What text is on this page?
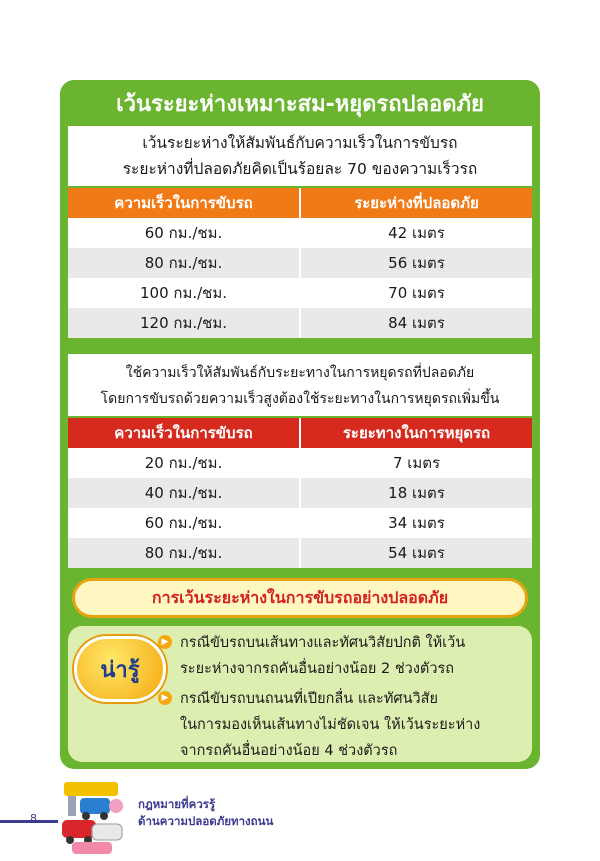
เว้นระยะห่างเหมาะสม-หยุดรถปลอดภัย
เว้นระยะห่างให้สัมพันธ์กับความเร็วในการขับรถ
ระยะห่างที่ปลอดภัยคิดเป็นร้อยละ 70 ของความเร็วรถ
ความเร็วในการขับรถ	ระยะห่างที่ปลอดภัย
60 กม./ชม.	42 เมตร
80 กม./ชม.	56 เมตร
100 กม./ชม.	70 เมตร
120 กม./ชม.	84 เมตร
ใช้ความเร็วให้สัมพันธ์กับระยะทางในการหยุดรถที่ปลอดภัย
โดยการขับรถด้วยความเร็วสูงต้องใช้ระยะทางในการหยุดรถเพิ่มขึ้น
ความเร็วในการขับรถ	ระยะทางในการหยุดรถ
20 กม./ชม.	7 เมตร
40 กม./ชม.	18 เมตร
60 กม./ชม.	34 เมตร
80 กม./ชม.	54 เมตร
การเว้นระยะห่างในการขับรถอย่างปลอดภัย
น่ารู้
▶ กรณีขับรถบนเส้นทางและทัศนวิสัยปกติ ให้เว้น
ระยะห่างจากรถคันอื่นอย่างน้อย 2 ช่วงตัวรถ
▶ กรณีขับรถบนถนนที่เปียกลื่น และทัศนวิสัย
ในการมองเห็นเส้นทางไม่ชัดเจน ให้เว้นระยะห่าง
จากรถคันอื่นอย่างน้อย 4 ช่วงตัวรถ
8
กฎหมายที่ควรรู้
ด้านความปลอดภัยทางถนน
